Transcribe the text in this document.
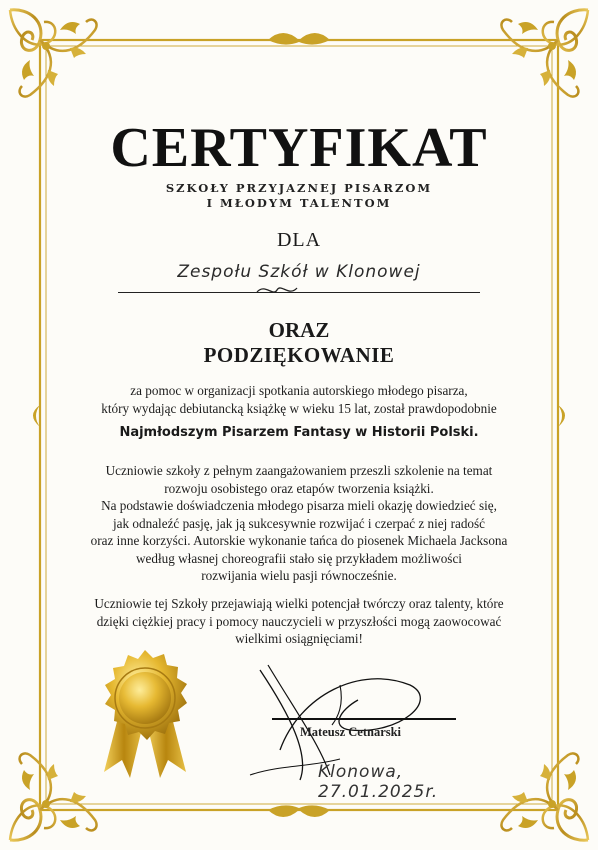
CERTYFIKAT
SZKOŁY PRZYJAZNEJ PISARZOM
I MŁODYM TALENTOM
DLA
Zespołu Szkół w Klonowej
ORAZ
PODZIĘKOWANIE
za pomoc w organizacji spotkania autorskiego młodego pisarza,
który wydając debiutancką książkę w wieku 15 lat, został prawdopodobnie
Najmłodszym Pisarzem Fantasy w Historii Polski.
Uczniowie szkoły z pełnym zaangażowaniem przeszli szkolenie na temat
rozwoju osobistego oraz etapów tworzenia książki.
Na podstawie doświadczenia młodego pisarza mieli okazję dowiedzieć się,
jak odnaleźć pasję, jak ją sukcesywnie rozwijać i czerpać z niej radość
oraz inne korzyści. Autorskie wykonanie tańca do piosenek Michaela Jacksona
według własnej choreografii stało się przykładem możliwości
rozwijania wielu pasji równocześnie.
Uczniowie tej Szkoły przejawiają wielki potencjał twórczy oraz talenty, które
dzięki ciężkiej pracy i pomocy nauczycieli w przyszłości mogą zaowocować
wielkimi osiągnięciami!
Mateusz Cetnarski
Klonowa, 27.01.2025r.
